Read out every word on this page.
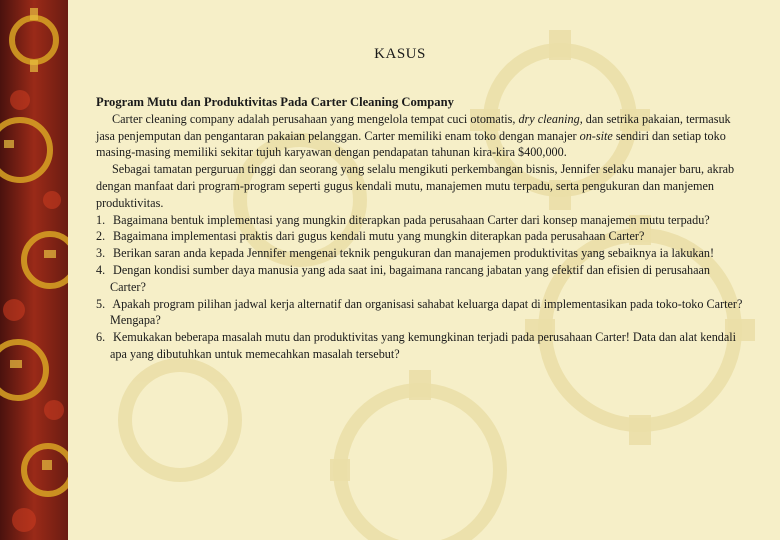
KASUS
Program Mutu dan Produktivitas Pada Carter Cleaning Company

Carter cleaning company adalah perusahaan yang mengelola tempat cuci otomatis, dry cleaning, dan setrika pakaian, termasuk jasa penjemputan dan pengantaran pakaian pelanggan. Carter memiliki enam toko dengan manajer on-site sendiri dan setiap toko masing-masing memiliki sekitar tujuh karyawan dengan pendapatan tahunan kira-kira $400,000.

Sebagai tamatan perguruan tinggi dan seorang yang selalu mengikuti perkembangan bisnis, Jennifer selaku manajer baru, akrab dengan manfaat dari program-program seperti gugus kendali mutu, manajemen mutu terpadu, serta pengukuran dan manjemen produktivitas.

1. Bagaimana bentuk implementasi yang mungkin diterapkan pada perusahaan Carter dari konsep manajemen mutu terpadu?

2. Bagaimana implementasi praktis dari gugus kendali mutu yang mungkin diterapkan pada perusahaan Carter?

3. Berikan saran anda kepada Jennifer mengenai teknik pengukuran dan manajemen produktivitas yang sebaiknya ia lakukan!

4. Dengan kondisi sumber daya manusia yang ada saat ini, bagaimana rancang jabatan yang efektif dan efisien di perusahaan Carter?

5. Apakah program pilihan jadwal kerja alternatif dan organisasi sahabat keluarga dapat di implementasikan pada toko-toko Carter? Mengapa?

6. Kemukakan beberapa masalah mutu dan produktivitas yang kemungkinan terjadi pada perusahaan Carter! Data dan alat kendali apa yang dibutuhkan untuk memecahkan masalah tersebut?
